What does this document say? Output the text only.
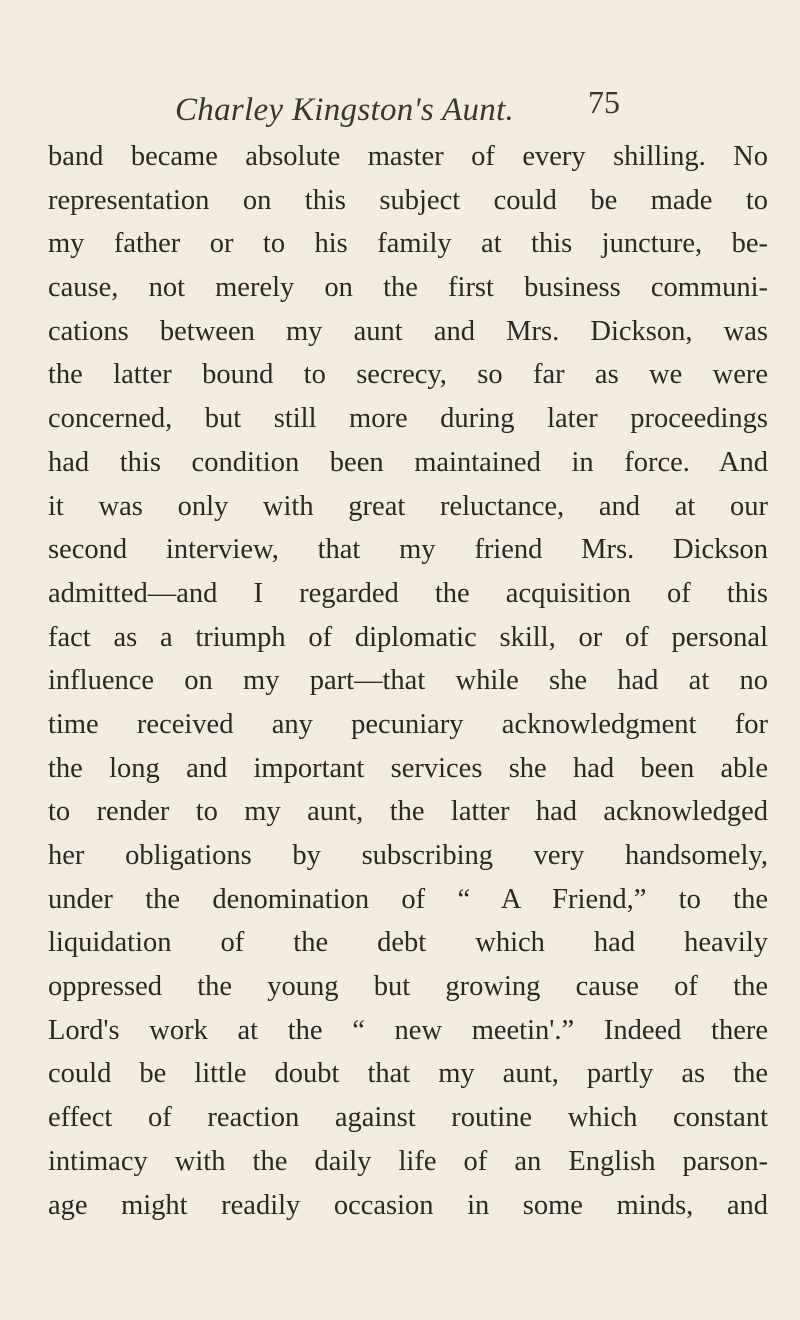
Charley Kingston's Aunt. 75
band became absolute master of every shilling. No
representation on this subject could be made to
my father or to his family at this juncture, be-
cause, not merely on the first business communi-
cations between my aunt and Mrs. Dickson, was
the latter bound to secrecy, so far as we were
concerned, but still more during later proceedings
had this condition been maintained in force. And
it was only with great reluctance, and at our
second interview, that my friend Mrs. Dickson
admitted—and I regarded the acquisition of this
fact as a triumph of diplomatic skill, or of personal
influence on my part—that while she had at no
time received any pecuniary acknowledgment for
the long and important services she had been able
to render to my aunt, the latter had acknowledged
her obligations by subscribing very handsomely,
under the denomination of “ A Friend,” to the
liquidation of the debt which had heavily
oppressed the young but growing cause of the
Lord's work at the “ new meetin'.” Indeed there
could be little doubt that my aunt, partly as the
effect of reaction against routine which constant
intimacy with the daily life of an English parson-
age might readily occasion in some minds, and
